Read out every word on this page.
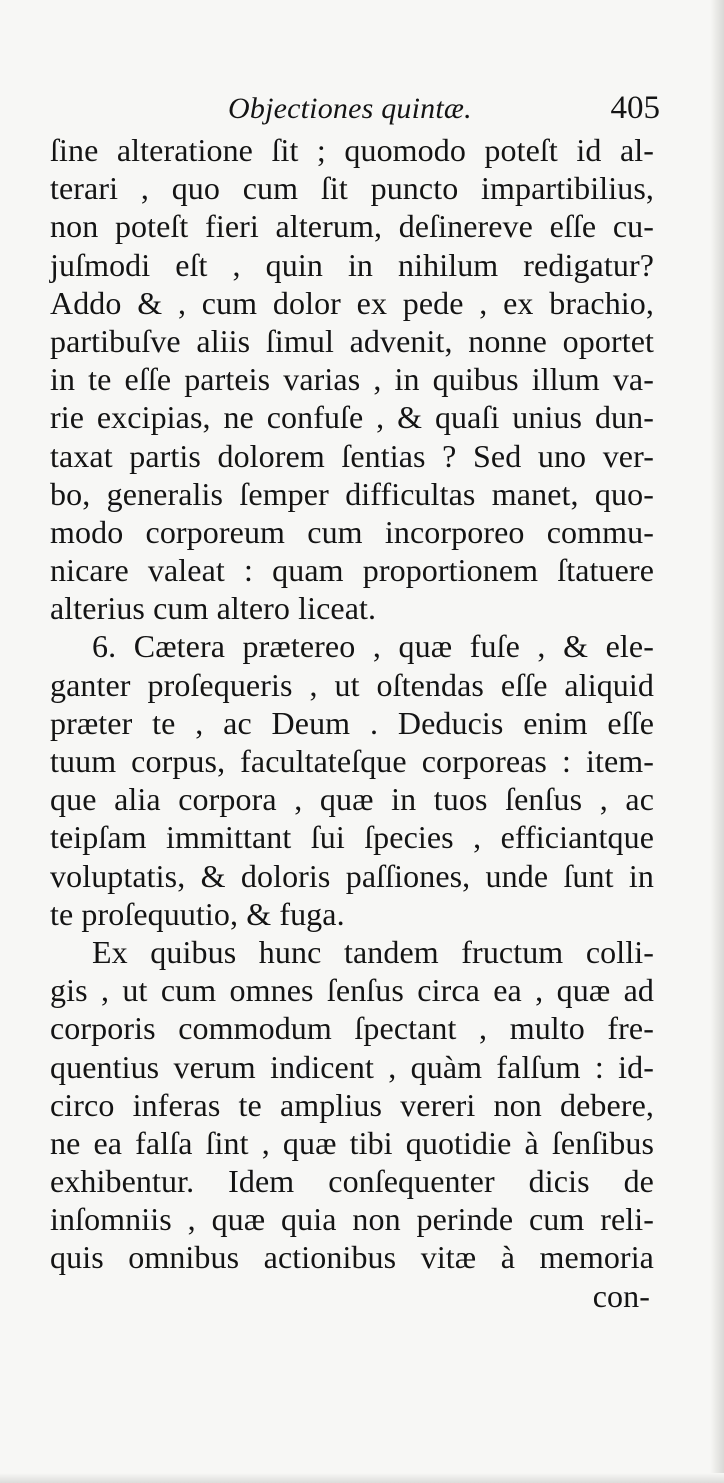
Objectiones quintæ.	405
ſine alteratione ſit ; quomodo poteſt id al-
terari , quo cum ſit puncto impartibilius,
non poteſt fieri alterum, deſinereve eſſe cu-
juſmodi eſt , quin in nihilum redigatur?
Addo & , cum dolor ex pede , ex brachio,
partibuſve aliis ſimul advenit, nonne oportet
in te eſſe parteis varias , in quibus illum va-
rie excipias, ne confuſe , & quaſi unius dun-
taxat partis dolorem ſentias ? Sed uno ver-
bo, generalis ſemper difficultas manet, quo-
modo corporeum cum incorporeo commu-
nicare valeat : quam proportionem ſtatuere
alterius cum altero liceat.
6. Cætera prætereo , quæ fuſe , & ele-
ganter proſequeris , ut oſtendas eſſe aliquid
præter te , ac Deum . Deducis enim eſſe
tuum corpus, facultateſque corporeas : item-
que alia corpora , quæ in tuos ſenſus , ac
teipſam immittant ſui ſpecies , efficiantque
voluptatis, & doloris paſſiones, unde ſunt in
te proſequutio, & fuga.
Ex quibus hunc tandem fructum colli-
gis , ut cum omnes ſenſus circa ea , quæ ad
corporis commodum ſpectant , multo fre-
quentius verum indicent , quàm falſum : id-
circo inferas te amplius vereri non debere,
ne ea falſa ſint , quæ tibi quotidie à ſenſibus
exhibentur. Idem conſequenter dicis de
inſomniis , quæ quia non perinde cum reli-
quis omnibus actionibus vitæ à memoria
con-
